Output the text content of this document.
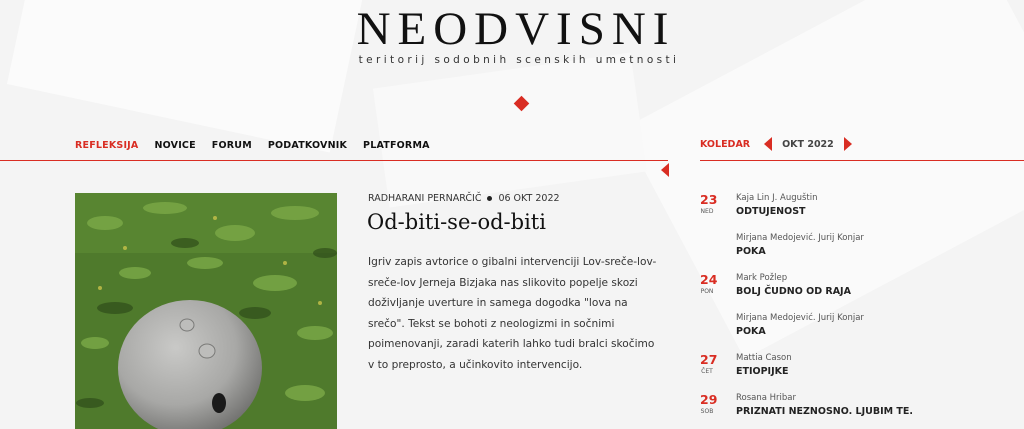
NEODVISNI
teritorij sodobnih scenskih umetnosti
REFLEKSIJA NOVICE FORUM PODATKOVNIK PLATFORMA	KOLEDAR	OKT 2022
RADHARANI PERNARČIČ 06 OKT 2022
Od-biti-se-od-biti

Igriv zapis avtorice o gibalni intervenciji Lov-sreče-lov-sreče-lov Jerneja Bizjaka nas slikovito popelje skozi doživljanje uverture in samega dogodka "lova na srečo". Tekst se bohoti z neologizmi in sočnimi poimenovanji, zaradi katerih lahko tudi bralci skočimo v to preprosto, a učinkovito intervencijo.

23
NED
Kaja Lin J. Auguštin
ODTUJENOST
Mirjana Medojević. Jurij Konjar
POKA
24
PON
Mark Požlep
BOLJ ČUDNO OD RAJA
Mirjana Medojević. Jurij Konjar
POKA
27
ČET
Mattia Cason
ETIOPIJKE
29
SOB
Rosana Hribar
PRIZNATI NEZNOSNO. LJUBIM TE.
